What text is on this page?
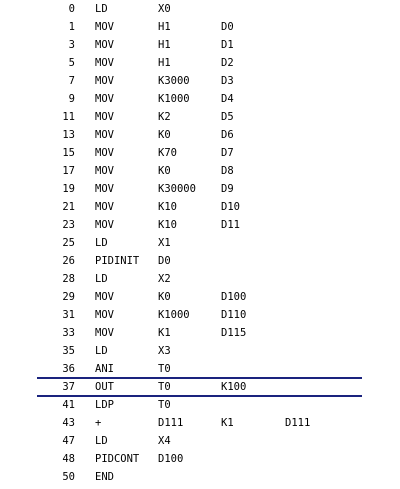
0 LD	X0
1 MOV	H1	D0
3 MOV	H1	D1
5 MOV	H1	D2
7 MOV	K3000	D3
9 MOV	K1000	D4
11 MOV	K2	D5
13 MOV	K0	D6
15 MOV	K70	D7
17 MOV	K0	D8
19 MOV	K30000 D9
21 MOV	K10	D10
23 MOV	K10	D11
25 LD	X1
26 PIDINIT D0
28 LD	X2
29 MOV	K0	D100
31 MOV	K1000	D110
33 MOV	K1	D115
35 LD	X3
36 ANI	T0
37 OUT	T0	K100
41 LDP	T0
43 +	D111	K1	D111
47 LD	X4
48 PIDCONT D100
50 END
